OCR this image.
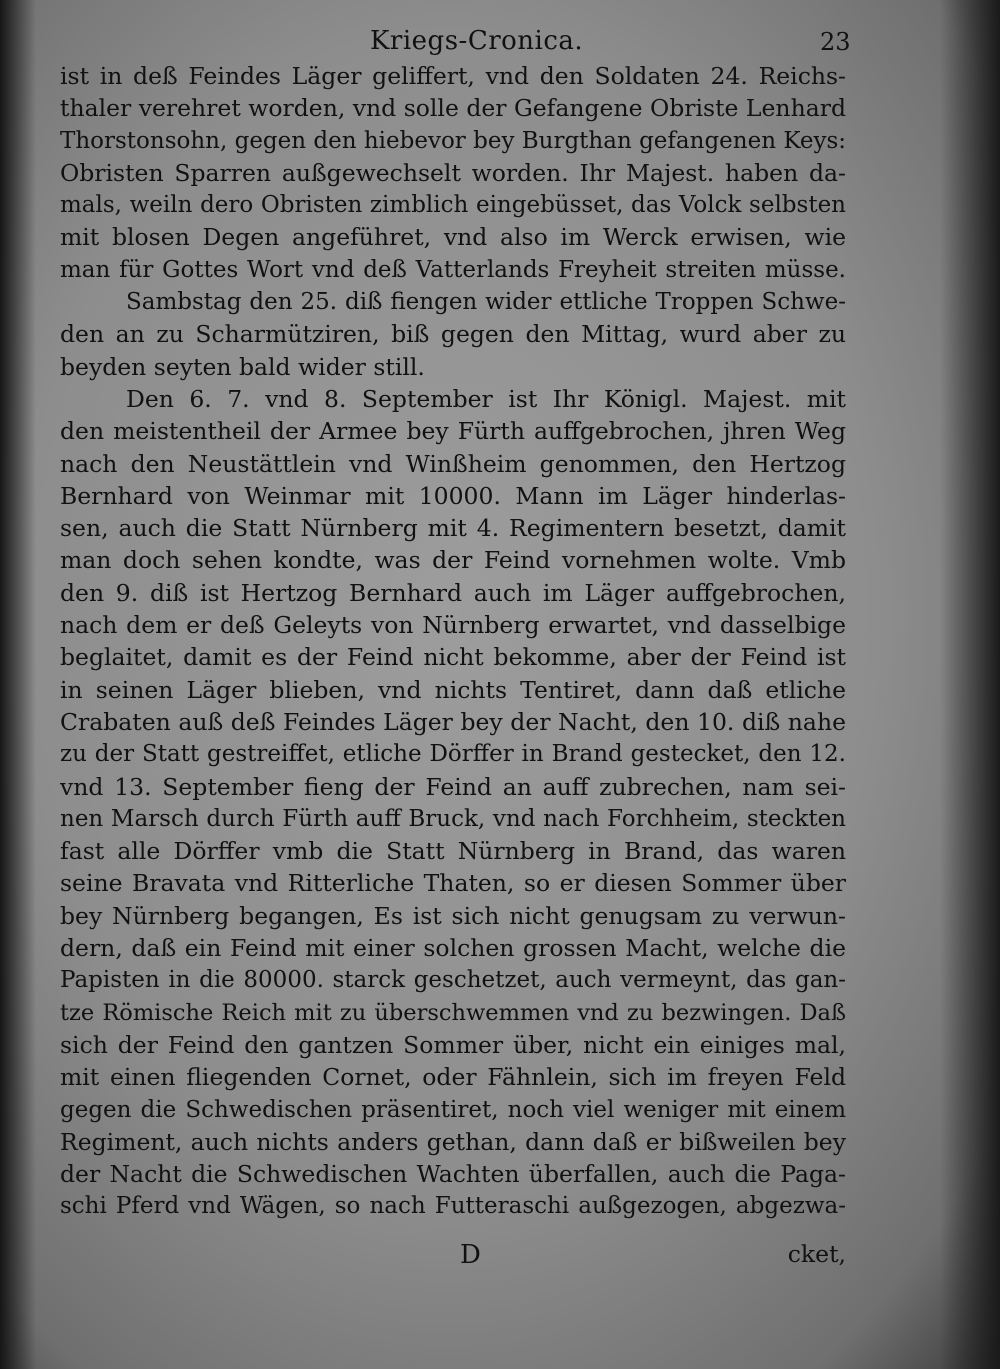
Kriegs-Cronica.	23
ist in deß Feindes Läger geliffert, vnd den Soldaten 24. Reichs-
thaler verehret worden, vnd solle der Gefangene Obriste Lenhard
Thorstonsohn, gegen den hiebevor bey Burgthan gefangenen Keys:
Obristen Sparren außgewechselt worden. Ihr Majest. haben da-
mals, weiln dero Obristen zimblich eingebüsset, das Volck selbsten
mit blosen Degen angeführet, vnd also im Werck erwisen, wie
man für Gottes Wort vnd deß Vatterlands Freyheit streiten müsse.
Sambstag den 25. diß fiengen wider ettliche Troppen Schwe-
den an zu Scharmütziren, biß gegen den Mittag, wurd aber zu
beyden seyten bald wider still.
Den 6. 7. vnd 8. September ist Ihr Königl. Majest. mit
den meistentheil der Armee bey Fürth auffgebrochen, jhren Weg
nach den Neustättlein vnd Winßheim genommen, den Hertzog
Bernhard von Weinmar mit 10000. Mann im Läger hinderlas-
sen, auch die Statt Nürnberg mit 4. Regimentern besetzt, damit
man doch sehen kondte, was der Feind vornehmen wolte. Vmb
den 9. diß ist Hertzog Bernhard auch im Läger auffgebrochen,
nach dem er deß Geleyts von Nürnberg erwartet, vnd dasselbige
beglaitet, damit es der Feind nicht bekomme, aber der Feind ist
in seinen Läger blieben, vnd nichts Tentiret, dann daß etliche
Crabaten auß deß Feindes Läger bey der Nacht, den 10. diß nahe
zu der Statt gestreiffet, etliche Dörffer in Brand gestecket, den 12.
vnd 13. September fieng der Feind an auff zubrechen, nam sei-
nen Marsch durch Fürth auff Bruck, vnd nach Forchheim, steckten
fast alle Dörffer vmb die Statt Nürnberg in Brand, das waren
seine Bravata vnd Ritterliche Thaten, so er diesen Sommer über
bey Nürnberg begangen, Es ist sich nicht genugsam zu verwun-
dern, daß ein Feind mit einer solchen grossen Macht, welche die
Papisten in die 80000. starck geschetzet, auch vermeynt, das gan-
tze Römische Reich mit zu überschwemmen vnd zu bezwingen. Daß
sich der Feind den gantzen Sommer über, nicht ein einiges mal,
mit einen fliegenden Cornet, oder Fähnlein, sich im freyen Feld
gegen die Schwedischen präsentiret, noch viel weniger mit einem
Regiment, auch nichts anders gethan, dann daß er bißweilen bey
der Nacht die Schwedischen Wachten überfallen, auch die Paga-
schi Pferd vnd Wägen, so nach Futteraschi außgezogen, abgezwa-
D	cket,
